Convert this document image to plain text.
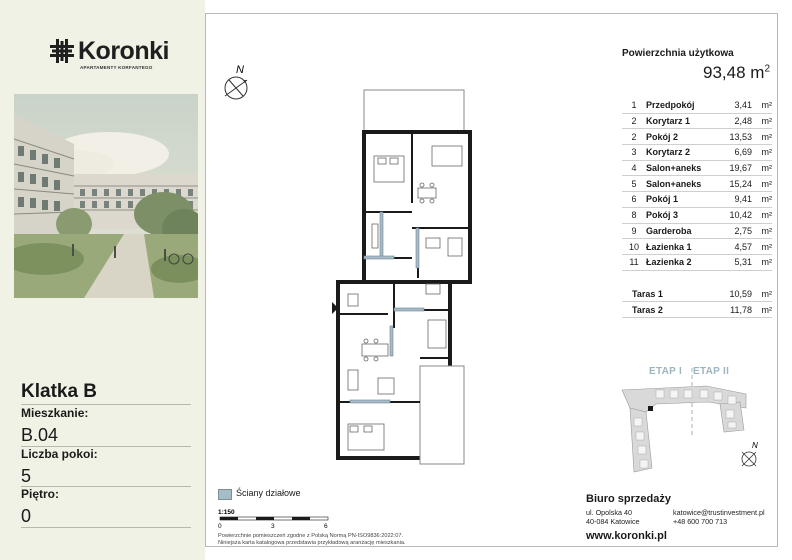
Koronki
APARTAMENTY KORFANTEGO
Klatka B
Mieszkanie:
B.04
Liczba pokoi:
5
Piętro:
0
N
Powierzchnia użytkowa
93,48 $m^2$
1	Przedpokój	3,41	m²
2	Korytarz 1	2,48	m²
2	Pokój 2	13,53	m²
3	Korytarz 2	6,69	m²
4	Salon+aneks	19,67	m²
5	Salon+aneks	15,24	m²
6	Pokój 1	9,41	m²
8	Pokój 3	10,42	m²
9	Garderoba	2,75	m²
10	Łazienka 1	4,57	m²
11	Łazienka 2	5,31	m²
Taras 1	10,59	m²
Taras 2	11,78	m²
N
ETAP I ETAP II
Ściany działowe
1:150
0	3	6
Powierzchnie pomieszczeń zgodne z Polską Normą PN-ISO9836:2022:07.
Niniejsza karta katalogowa przedstawia przykładową aranżację mieszkania.
Biuro sprzedaży
ul. Opolska 40
40-084 Katowice
katowice@trustinvestment.pl
+48 600 700 713
www.koronki.pl
